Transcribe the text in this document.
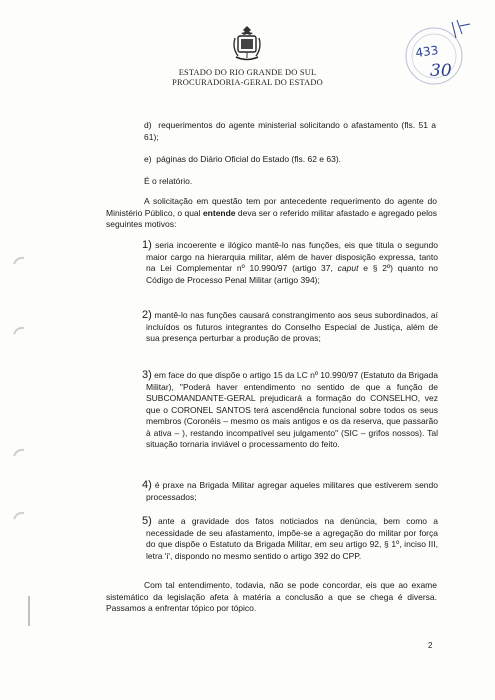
ESTADO DO RIO GRANDE DO SUL
PROCURADORIA-GERAL DO ESTADO
433
30
d)  requerimentos do agente ministerial solicitando o afastamento (fls. 51 a 61);
e)  páginas do Diário Oficial do Estado (fls. 62 e 63).
É o relatório.
A solicitação em questão tem por antecedente requerimento do agente do Ministério Público, o qual entende deva ser o referido militar afastado e agregado pelos seguintes motivos:
1) seria incoerente e ilógico mantê-lo nas funções, eis que titula o segundo maior cargo na hierarquia militar, além de haver disposição expressa, tanto na Lei Complementar nº 10.990/97 (artigo 37, caput e § 2º) quanto no Código de Processo Penal Militar (artigo 394);
2) mantê-lo nas funções causará constrangimento aos seus subordinados, aí incluídos os futuros integrantes do Conselho Especial de Justiça, além de sua presença perturbar a produção de provas;
3) em face do que dispõe o artigo 15 da LC nº 10.990/97 (Estatuto da Brigada Militar), "Poderá haver entendimento no sentido de que a função de SUBCOMANDANTE-GERAL prejudicará a formação do CONSELHO, vez que o CORONEL SANTOS terá ascendência funcional sobre todos os seus membros (Coronéis – mesmo os mais antigos e os da reserva, que passarão à ativa – ), restando incompatível seu julgamento" (SIC – grifos nossos). Tal situação tornaria inviável o processamento do feito.
4) é praxe na Brigada Militar agregar aqueles militares que estiverem sendo processados;
5) ante a gravidade dos fatos noticiados na denúncia, bem como a necessidade de seu afastamento, impõe-se a agregação do militar por força do que dispõe o Estatuto da Brigada Militar, em seu artigo 92, § 1º, inciso III, letra 'i', dispondo no mesmo sentido o artigo 392 do CPP.
Com tal entendimento, todavia, não se pode concordar, eis que ao exame sistemático da legislação afeta à matéria a conclusão a que se chega é diversa. Passamos a enfrentar tópico por tópico.
2
